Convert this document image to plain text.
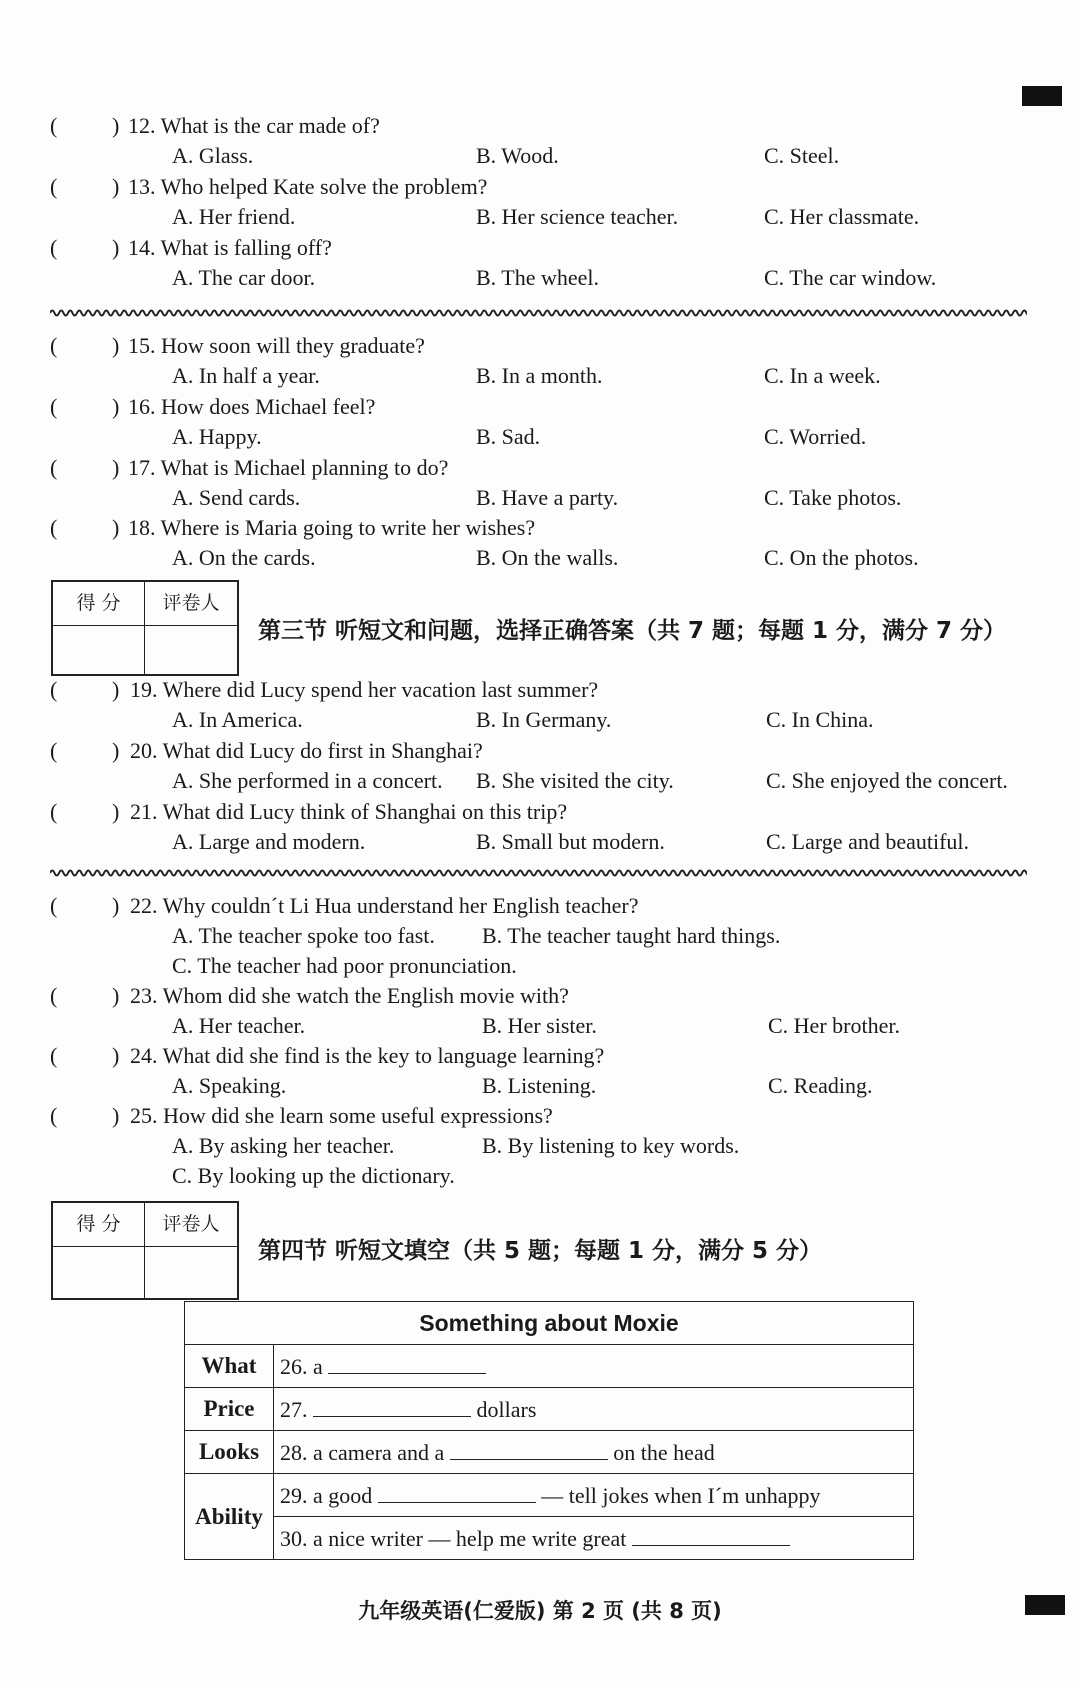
( ) 12. What is the car made of?
A. Glass.	B. Wood.	C. Steel.
( ) 13. Who helped Kate solve the problem?
A. Her friend.	B. Her science teacher.	C. Her classmate.
( ) 14. What is falling off?
A. The car door.	B. The wheel.	C. The car window.
( ) 15. How soon will they graduate?
A. In half a year.	B. In a month.	C. In a week.
( ) 16. How does Michael feel?
A. Happy.	B. Sad.	C. Worried.
( ) 17. What is Michael planning to do?
A. Send cards.	B. Have a party.	C. Take photos.
( ) 18. Where is Maria going to write her wishes?
A. On the cards.	B. On the walls.	C. On the photos.
得 分	评卷人
第三节 听短文和问题，选择正确答案（共 7 题；每题 1 分，满分 7 分）
( ) 19. Where did Lucy spend her vacation last summer?
A. In America.	B. In Germany.	C. In China.
( ) 20. What did Lucy do first in Shanghai?
A. She performed in a concert. B. She visited the city.	C. She enjoyed the concert.
( ) 21. What did Lucy think of Shanghai on this trip?
A. Large and modern.	B. Small but modern.	C. Large and beautiful.
( ) 22. Why couldn´t Li Hua understand her English teacher?
A. The teacher spoke too fast. B. The teacher taught hard things.
C. The teacher had poor pronunciation.
( ) 23. Whom did she watch the English movie with?
A. Her teacher.	B. Her sister.	C. Her brother.
( ) 24. What did she find is the key to language learning?
A. Speaking.	B. Listening.	C. Reading.
( ) 25. How did she learn some useful expressions?
A. By asking her teacher.	B. By listening to key words.
C. By looking up the dictionary.
得 分	评卷人
第四节 听短文填空（共 5 题；每题 1 分，满分 5 分）
Something about Moxie	
What	26. a
Price	27. dollars
Looks	28. a camera and a on the head
Ability	29. a good — tell jokes when I´m unhappy
	30. a nice writer — help me write great
九年级英语(仁爱版) 第 2 页 (共 8 页)
